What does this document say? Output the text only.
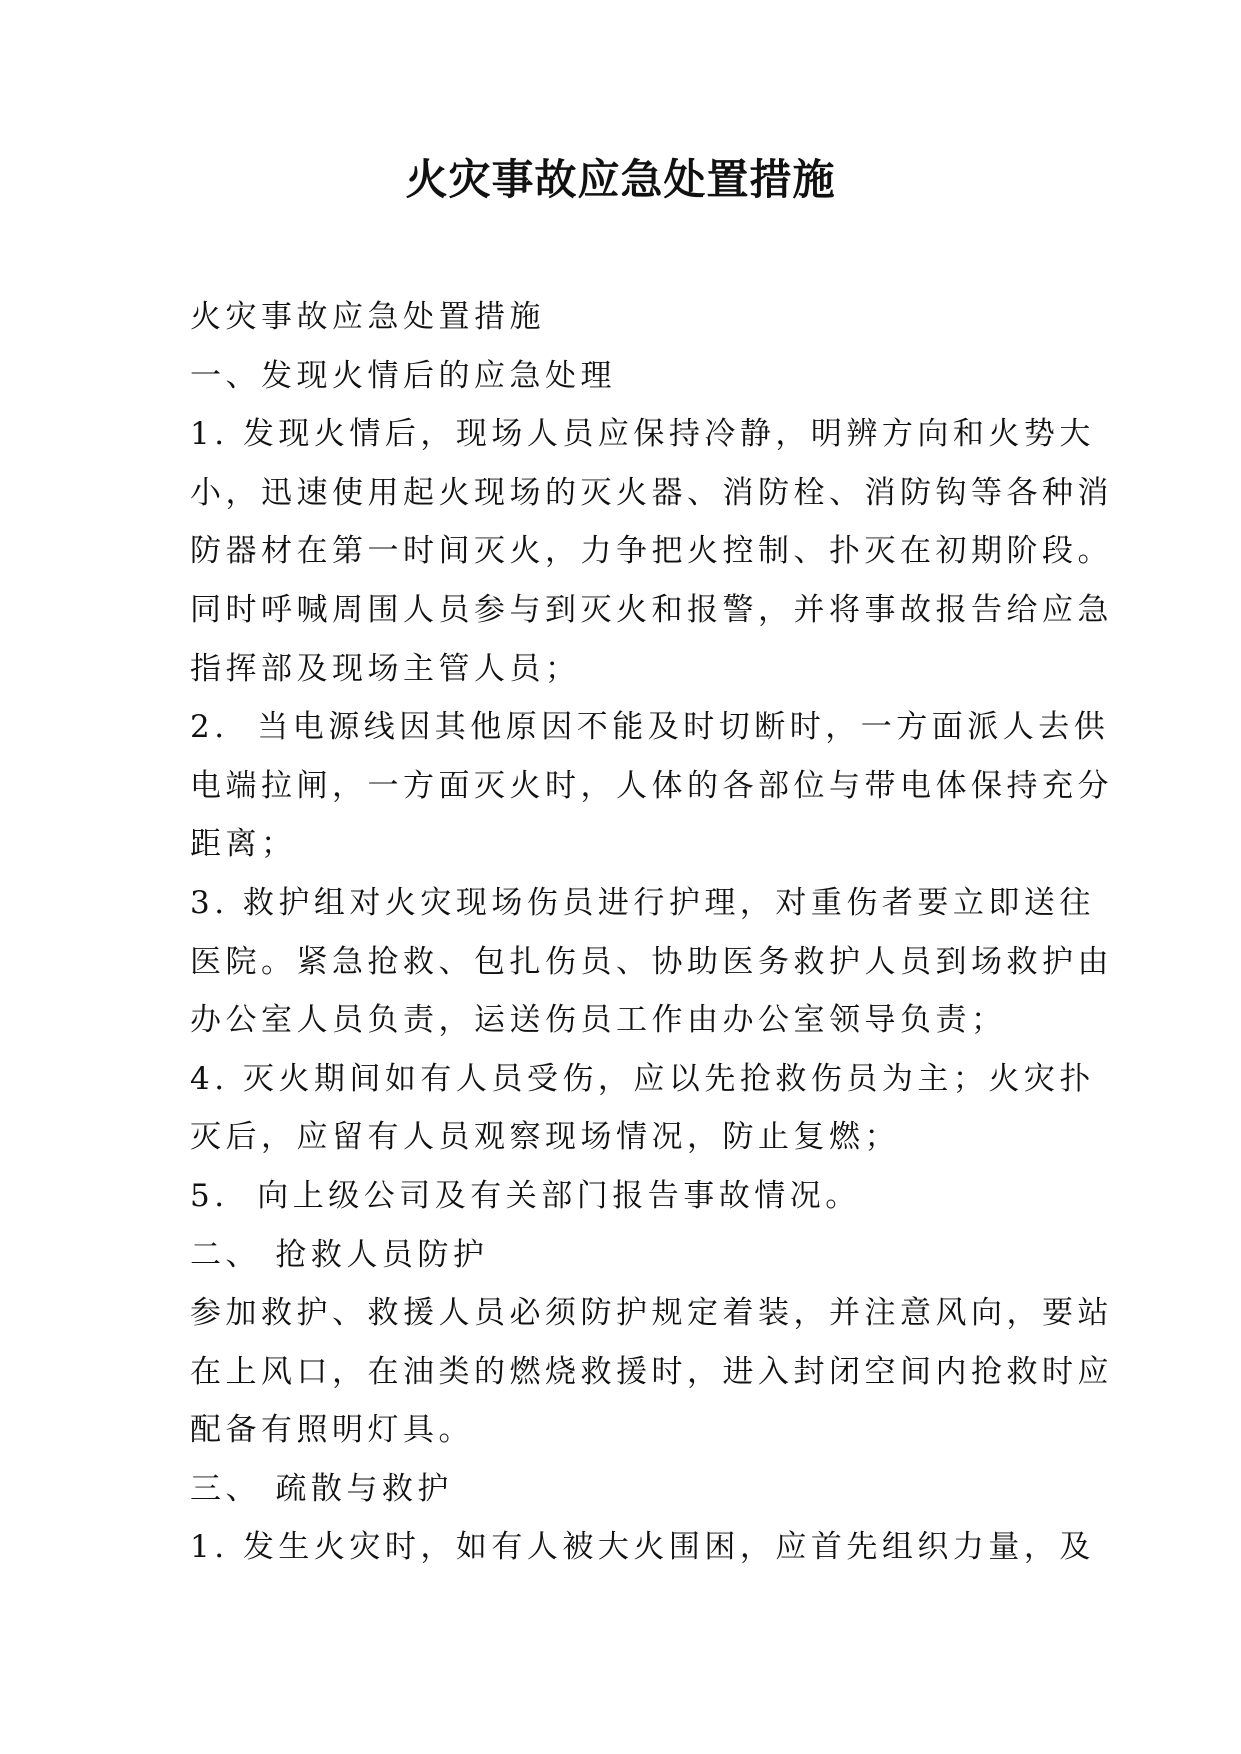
火灾事故应急处置措施
火灾事故应急处置措施
一、发现火情后的应急处理
1. 发现火情后，现场人员应保持冷静，明辨方向和火势大
小，迅速使用起火现场的灭火器、消防栓、消防钩等各种消
防器材在第一时间灭火，力争把火控制、扑灭在初期阶段。
同时呼喊周围人员参与到灭火和报警，并将事故报告给应急
指挥部及现场主管人员；
2.  当电源线因其他原因不能及时切断时，一方面派人去供
电端拉闸，一方面灭火时，人体的各部位与带电体保持充分
距离；
3. 救护组对火灾现场伤员进行护理，对重伤者要立即送往
医院。紧急抢救、包扎伤员、协助医务救护人员到场救护由
办公室人员负责，运送伤员工作由办公室领导负责；
4. 灭火期间如有人员受伤，应以先抢救伤员为主；火灾扑
灭后，应留有人员观察现场情况，防止复燃；
5.  向上级公司及有关部门报告事故情况。
二、 抢救人员防护
参加救护、救援人员必须防护规定着装，并注意风向，要站
在上风口，在油类的燃烧救援时，进入封闭空间内抢救时应
配备有照明灯具。
三、 疏散与救护
1. 发生火灾时，如有人被大火围困，应首先组织力量，及
